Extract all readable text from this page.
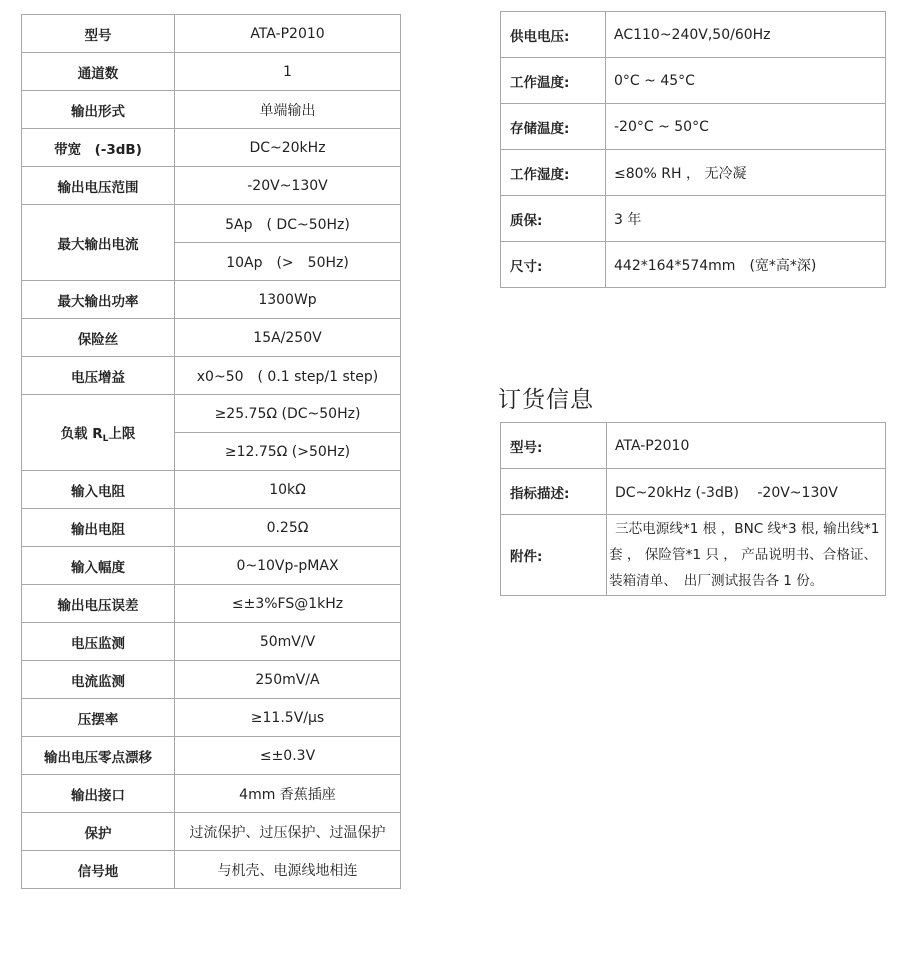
型号	ATA-P2010
通道数	1
输出形式	单端输出
带宽　(-3dB)	DC~20kHz
输出电压范围	-20V~130V
最大输出电流	5Ap　( DC~50Hz)
	10Ap　(>　50Hz)
最大输出功率	1300Wp
保险丝	15A/250V
电压增益	x0~50　( 0.1 step/1 step)
负载 $R_L$上限	≥25.75Ω (DC~50Hz)
	≥12.75Ω (>50Hz)
输入电阻	10kΩ
输出电阻	0.25Ω
输入幅度	0~10Vp-pMAX
输出电压误差	≤±3%FS@1kHz
电压监测	50mV/V
电流监测	250mV/A
压摆率	≥11.5V/μs
输出电压零点漂移	≤±0.3V
输出接口	4mm 香蕉插座
保护	过流保护、过压保护、过温保护
信号地	与机壳、电源线地相连
供电电压:	AC110~240V,50/60Hz
工作温度:	0°C ~ 45°C
存储温度:	-20°C ~ 50°C
工作湿度:	≤80% RH ， 无冷凝
质保:	3 年
尺寸:	442*164*574mm　(宽*高*深)
订货信息
型号:	ATA-P2010
指标描述:	DC~20kHz (-3dB)　 -20V~130V
附件:	三芯电源线*1 根 ，BNC 线*3 根, 输出线*1 套 ， 保险管*1 只 ， 产品说明书、合格证、装箱清单、　出厂测试报告各 1 份。
